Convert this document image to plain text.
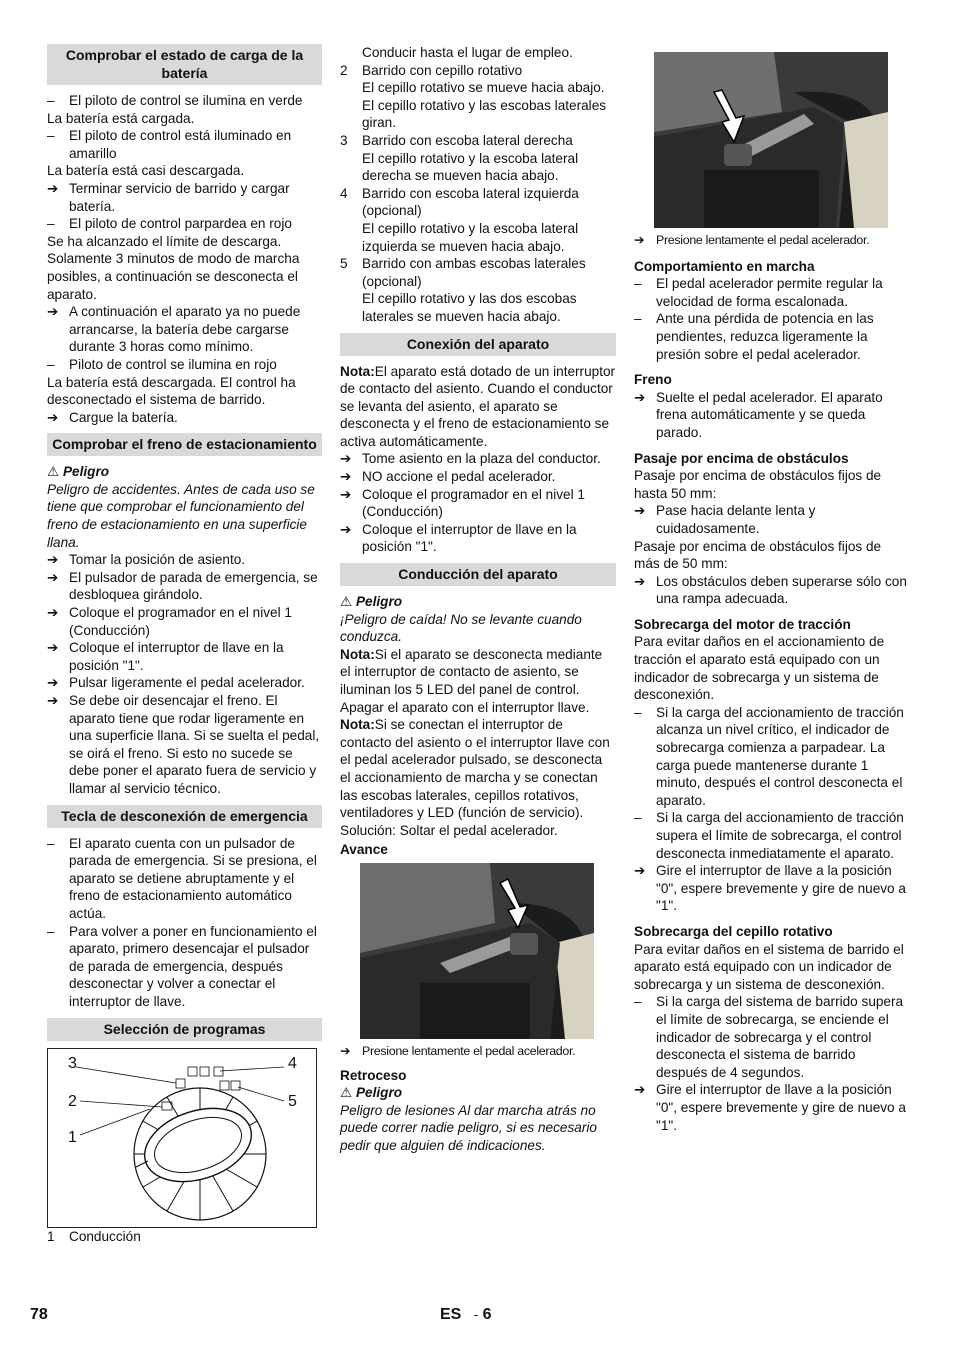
Comprobar el estado de carga de la batería
–	El piloto de control se ilumina en verde

La batería está cargada.

–	El piloto de control está iluminado en amarillo

La batería está casi descargada.

➔ Terminar servicio de barrido y cargar batería.
–	El piloto de control parpardea en rojo

Se ha alcanzado el límite de descarga. Solamente 3 minutos de modo de marcha posibles, a continuación se desconecta el aparato.

➔ A continuación el aparato ya no puede arrancarse, la batería debe cargarse durante 3 horas como mínimo.
–	Piloto de control se ilumina en rojo

La batería está descargada. El control ha desconectado el sistema de barrido.

➔ Cargue la batería.
Comprobar el freno de estacionamiento
⚠ Peligro

Peligro de accidentes. Antes de cada uso se tiene que comprobar el funcionamiento del freno de estacionamiento en una superficie llana.

➔ Tomar la posición de asiento.
➔ El pulsador de parada de emergencia, se desbloquea girándolo.
➔ Coloque el programador en el nivel 1 (Conducción)
➔ Coloque el interruptor de llave en la posición "1".
➔ Pulsar ligeramente el pedal acelerador.
➔ Se debe oir desencajar el freno. El aparato tiene que rodar ligeramente en una superficie llana. Si se suelta el pedal, se oirá el freno. Si esto no sucede se debe poner el aparato fuera de servicio y llamar al servicio técnico.
Tecla de desconexión de emergencia
–	El aparato cuenta con un pulsador de parada de emergencia. Si se presiona, el aparato se detiene abruptamente y el freno de estacionamiento automático actúa.
–	Para volver a poner en funcionamiento el aparato, primero desencajar el pulsador de parada de emergencia, después desconectar y volver a conectar el interruptor de llave.
Selección de programas
3
2
1
4
5
1	Conducción

Conducir hasta el lugar de empleo.

2	Barrido con cepillo rotativo

El cepillo rotativo se mueve hacia abajo. El cepillo rotativo y las escobas laterales giran.

3	Barrido con escoba lateral derecha

El cepillo rotativo y la escoba lateral derecha se mueven hacia abajo.

4	Barrido con escoba lateral izquierda (opcional)

El cepillo rotativo y la escoba lateral izquierda se mueven hacia abajo.

5	Barrido con ambas escobas laterales (opcional)

El cepillo rotativo y las dos escobas laterales se mueven hacia abajo.

Conexión del aparato

Nota:El aparato está dotado de un interruptor de contacto del asiento. Cuando el conductor se levanta del asiento, el aparato se desconecta y el freno de estacionamiento se activa automáticamente.

➔ Tome asiento en la plaza del conductor.
➔ NO accione el pedal acelerador.
➔ Coloque el programador en el nivel 1 (Conducción)
➔ Coloque el interruptor de llave en la posición "1".
Conducción del aparato
⚠ Peligro

¡Peligro de caída! No se levante cuando conduzca.

Nota:Si el aparato se desconecta mediante el interruptor de contacto de asiento, se iluminan los 5 LED del panel de control. Apagar el aparato con el interruptor llave.

Nota:Si se conectan el interruptor de contacto del asiento o el interruptor llave con el pedal acelerador pulsado, se desconecta el accionamiento de marcha y se conectan las escobas laterales, cepillos rotativos, ventiladores y LED (función de servicio). Solución: Soltar el pedal acelerador.

Avance
➔ Presione lentamente el pedal acelerador.
Retroceso
⚠ Peligro

Peligro de lesiones Al dar marcha atrás no puede correr nadie peligro, si es necesario pedir que alguien dé indicaciones.

➔ Presione lentamente el pedal acelerador.
Comportamiento en marcha
–	El pedal acelerador permite regular la velocidad de forma escalonada.
–	Ante una pérdida de potencia en las pendientes, reduzca ligeramente la presión sobre el pedal acelerador.
Freno
➔ Suelte el pedal acelerador. El aparato frena automáticamente y se queda parado.
Pasaje por encima de obstáculos

Pasaje por encima de obstáculos fijos de hasta 50 mm:

➔ Pase hacia delante lenta y cuidadosamente.

Pasaje por encima de obstáculos fijos de más de 50 mm:

➔ Los obstáculos deben superarse sólo con una rampa adecuada.
Sobrecarga del motor de tracción

Para evitar daños en el accionamiento de tracción el aparato está equipado con un indicador de sobrecarga y un sistema de desconexión.

–	Si la carga del accionamiento de tracción alcanza un nivel crítico, el indicador de sobrecarga comienza a parpadear. La carga puede mantenerse durante 1 minuto, después el control desconecta el aparato.
–	Si la carga del accionamiento de tracción supera el límite de sobrecarga, el control desconecta inmediatamente el aparato.
➔ Gire el interruptor de llave a la posición "0", espere brevemente y gire de nuevo a "1".
Sobrecarga del cepillo rotativo

Para evitar daños en el sistema de barrido el aparato está equipado con un indicador de sobrecarga y un sistema de desconexión.

–	Si la carga del sistema de barrido supera el límite de sobrecarga, se enciende el indicador de sobrecarga y el control desconecta el sistema de barrido después de 4 segundos.
➔ Gire el interruptor de llave a la posición "0", espere brevemente y gire de nuevo a "1".
78	ES - 6
